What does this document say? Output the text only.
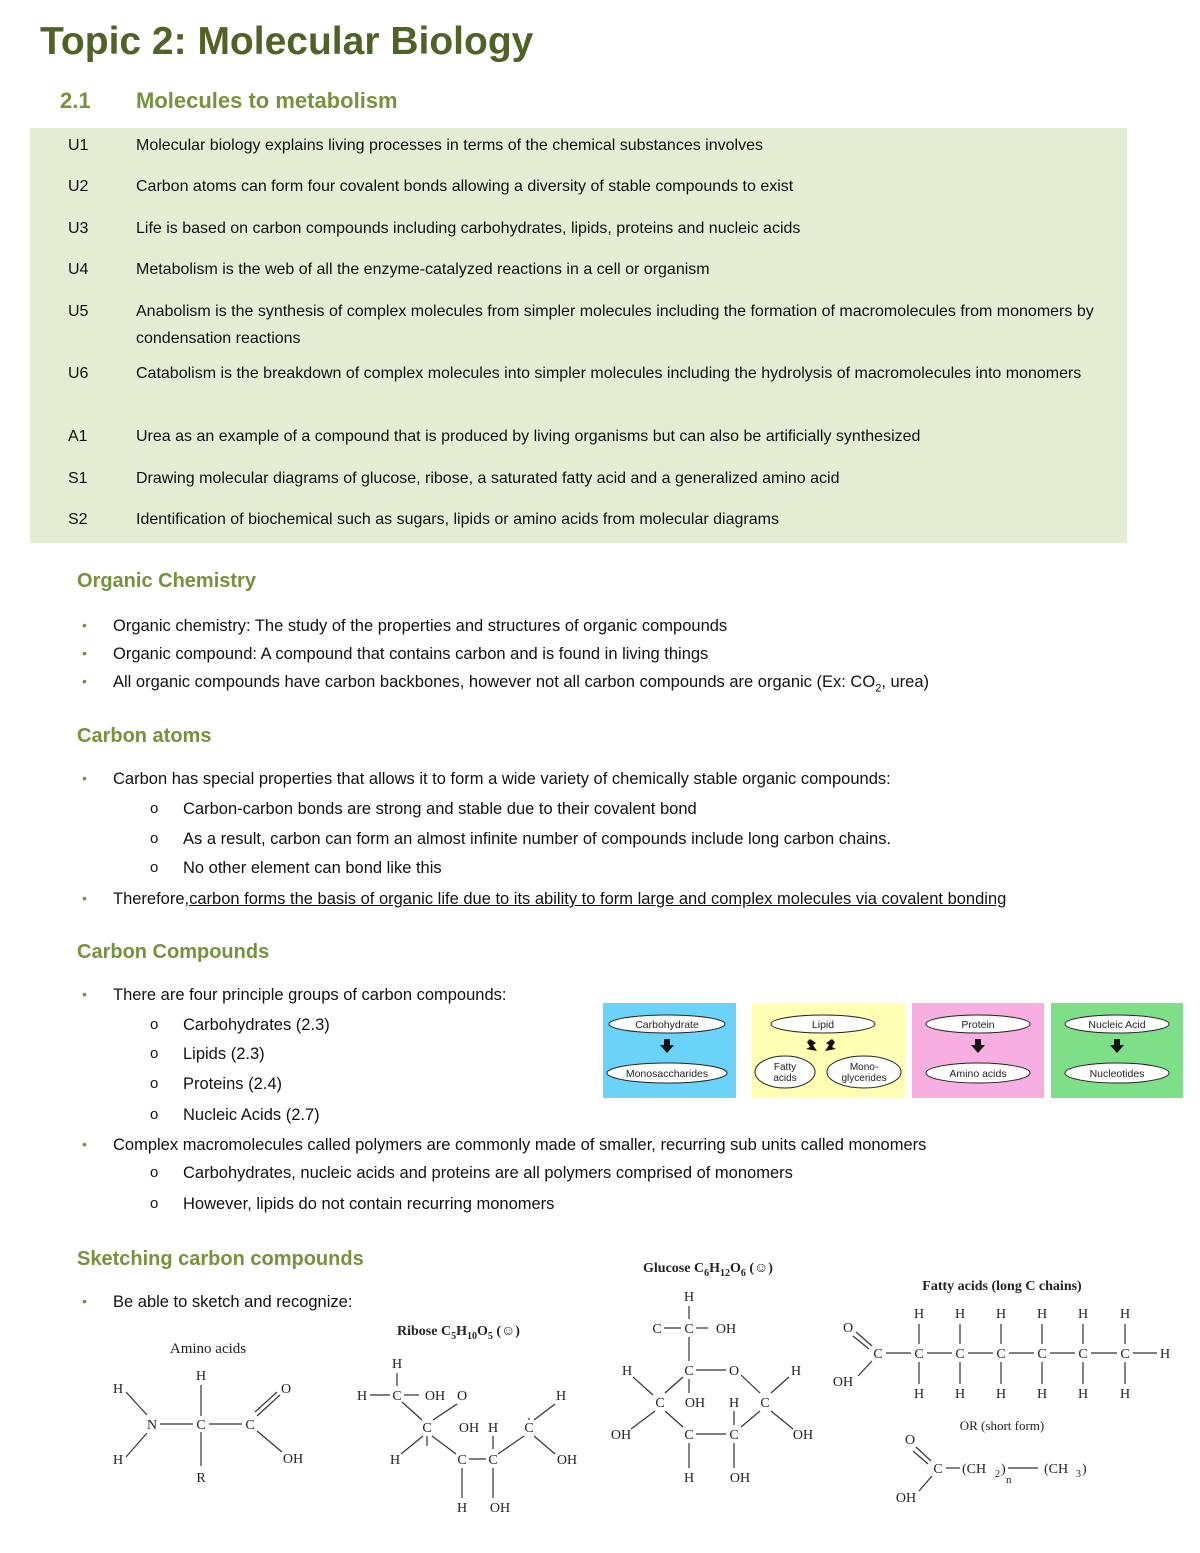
Topic 2: Molecular Biology
2.1 Molecules to metabolism
U1	Molecular biology explains living processes in terms of the chemical substances involves
U2	Carbon atoms can form four covalent bonds allowing a diversity of stable compounds to exist
U3	Life is based on carbon compounds including carbohydrates, lipids, proteins and nucleic acids
U4	Metabolism is the web of all the enzyme-catalyzed reactions in a cell or organism
U5	Anabolism is the synthesis of complex molecules from simpler molecules including the formation of macromolecules from monomers by condensation reactions
U6	Catabolism is the breakdown of complex molecules into simpler molecules including the hydrolysis of macromolecules into monomers
A1	Urea as an example of a compound that is produced by living organisms but can also be artificially synthesized
S1	Drawing molecular diagrams of glucose, ribose, a saturated fatty acid and a generalized amino acid
S2	Identification of biochemical such as sugars, lipids or amino acids from molecular diagrams
Organic Chemistry
• Organic chemistry: The study of the properties and structures of organic compounds
• Organic compound: A compound that contains carbon and is found in living things
• All organic compounds have carbon backbones, however not all carbon compounds are organic (Ex: $CO_2$, urea)
Carbon atoms
• Carbon has special properties that allows it to form a wide variety of chemically stable organic compounds:
o Carbon-carbon bonds are strong and stable due to their covalent bond
o As a result, carbon can form an almost infinite number of compounds include long carbon chains.
o No other element can bond like this
• Therefore,carbon forms the basis of organic life due to its ability to form large and complex molecules via covalent bonding
Carbon Compounds
• There are four principle groups of carbon compounds:
o Carbohydrates (2.3)
o Lipids (2.3)
o Proteins (2.4)
o Nucleic Acids (2.7)
• Complex macromolecules called polymers are commonly made of smaller, recurring sub units called monomers
o Carbohydrates, nucleic acids and proteins are all polymers comprised of monomers
o However, lipids do not contain recurring monomers
Carbohydrate
Monosaccharides
Lipid
Fatty
acids
Mono-
glycerides
Protein
Amino acids
Nucleic Acid
Nucleotides
Sketching carbon compounds
• Be able to sketch and recognize:
Amino acids
H
H
N	C	C
O
H
R
OH
Ribose $C_5H_{10}O_5$ (☺)
H
H C OH O	H
C OH H C
H	C C	OH
H OH
Glucose $C_6H_{12}O_6$ (☺)
H
C C OH
H	C	O	H
C OH H C
OH	C	C	OH
H	OH
Fatty acids (long C chains)
H H H H H H
O
C C C C C C C H
OH
H H H H H H
OR (short form)
O
C
OH
(CH	(CH
2	3
)	)
n
